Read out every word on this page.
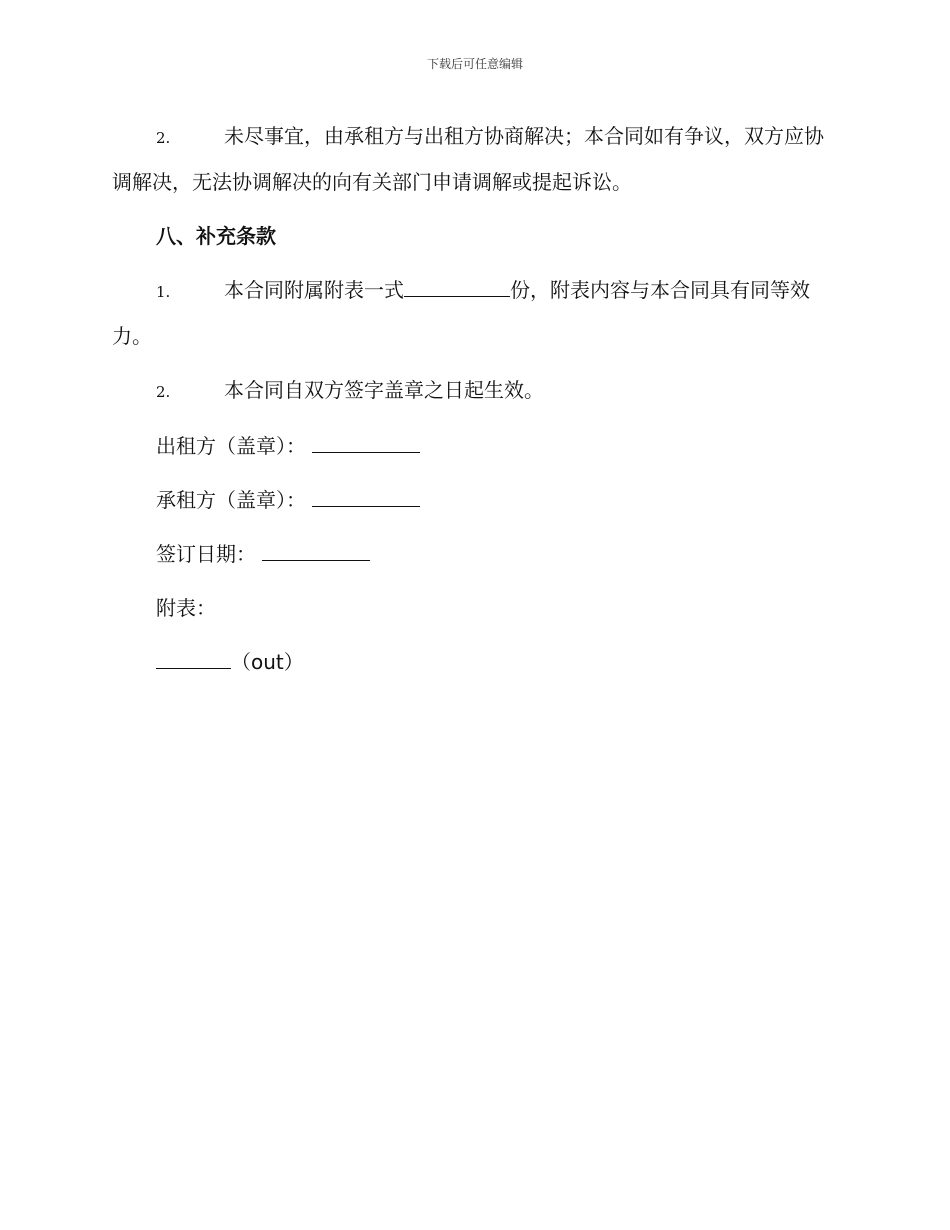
下载后可任意编辑

2.	未尽事宜，由承租方与出租方协商解决；本合同如有争议，双方应协调解决，无法协调解决的向有关部门申请调解或提起诉讼。

八、补充条款

1.	本合同附属附表一式	份，附表内容与本合同具有同等效力。

2.	本合同自双方签字盖章之日起生效。

出租方（盖章）：

承租方（盖章）：

签订日期：

附表：

（out）
